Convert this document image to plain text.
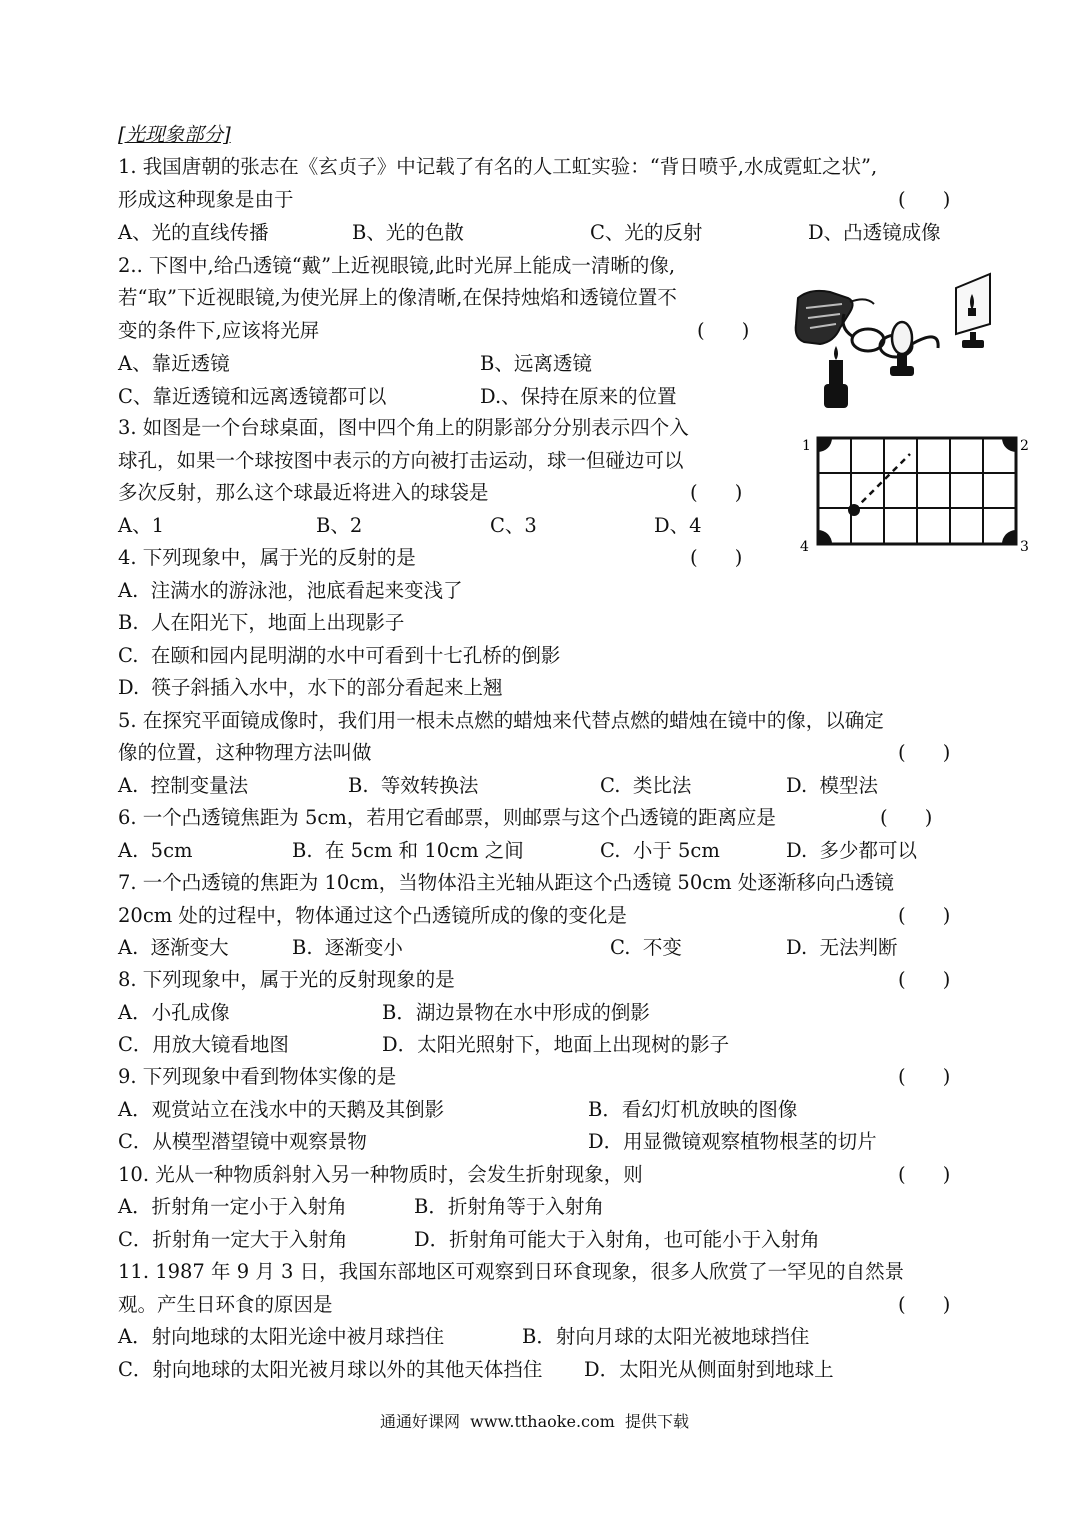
[光现象部分]
1. 我国唐朝的张志在《玄贞子》中记载了有名的人工虹实验：“背日喷乎,水成霓虹之状”,
形成这种现象是由于	(      )
A、光的直线传播	B、光的色散	C、光的反射	D、凸透镜成像
2.. 下图中,给凸透镜“戴”上近视眼镜,此时光屏上能成一清晰的像,
若“取”下近视眼镜,为使光屏上的像清晰,在保持烛焰和透镜位置不
变的条件下,应该将光屏	(      )
A、靠近透镜	B、远离透镜
C、靠近透镜和远离透镜都可以	D.、保持在原来的位置
3. 如图是一个台球桌面，图中四个角上的阴影部分分别表示四个入
球孔，如果一个球按图中表示的方向被打击运动，球一但碰边可以
多次反射，那么这个球最近将进入的球袋是	(      )
A、1	B、2	C、3	D、4
1	2
3
4
4. 下列现象中，属于光的反射的是	(      )
A.  注满水的游泳池，池底看起来变浅了
B.  人在阳光下，地面上出现影子
C.  在颐和园内昆明湖的水中可看到十七孔桥的倒影
D.  筷子斜插入水中，水下的部分看起来上翘
5. 在探究平面镜成像时，我们用一根未点燃的蜡烛来代替点燃的蜡烛在镜中的像，以确定
像的位置，这种物理方法叫做	(      )
A.  控制变量法	B.  等效转换法	C.  类比法	D.  模型法
6. 一个凸透镜焦距为 5cm，若用它看邮票，则邮票与这个凸透镜的距离应是	(      )
A.  5cm	B.  在 5cm 和 10cm 之间	C.  小于 5cm	D.  多少都可以
7. 一个凸透镜的焦距为 10cm，当物体沿主光轴从距这个凸透镜 50cm 处逐渐移向凸透镜
20cm 处的过程中，物体通过这个凸透镜所成的像的变化是	(      )
A.  逐渐变大	B.  逐渐变小	C.  不变	D.  无法判断
8. 下列现象中，属于光的反射现象的是	(      )
A．小孔成像	B．湖边景物在水中形成的倒影
C．用放大镜看地图	D．太阳光照射下，地面上出现树的影子
9. 下列现象中看到物体实像的是	(      )
A．观赏站立在浅水中的天鹅及其倒影	B．看幻灯机放映的图像
C．从模型潜望镜中观察景物	D．用显微镜观察植物根茎的切片
10. 光从一种物质斜射入另一种物质时，会发生折射现象，则	(      )
A．折射角一定小于入射角	B．折射角等于入射角
C．折射角一定大于入射角	D．折射角可能大于入射角，也可能小于入射角
11. 1987 年 9 月 3 日，我国东部地区可观察到日环食现象，很多人欣赏了一罕见的自然景
观。产生日环食的原因是	(      )
A．射向地球的太阳光途中被月球挡住	B．射向月球的太阳光被地球挡住
C．射向地球的太阳光被月球以外的其他天体挡住 D．太阳光从侧面射到地球上
通通好课网  www.tthaoke.com  提供下载
